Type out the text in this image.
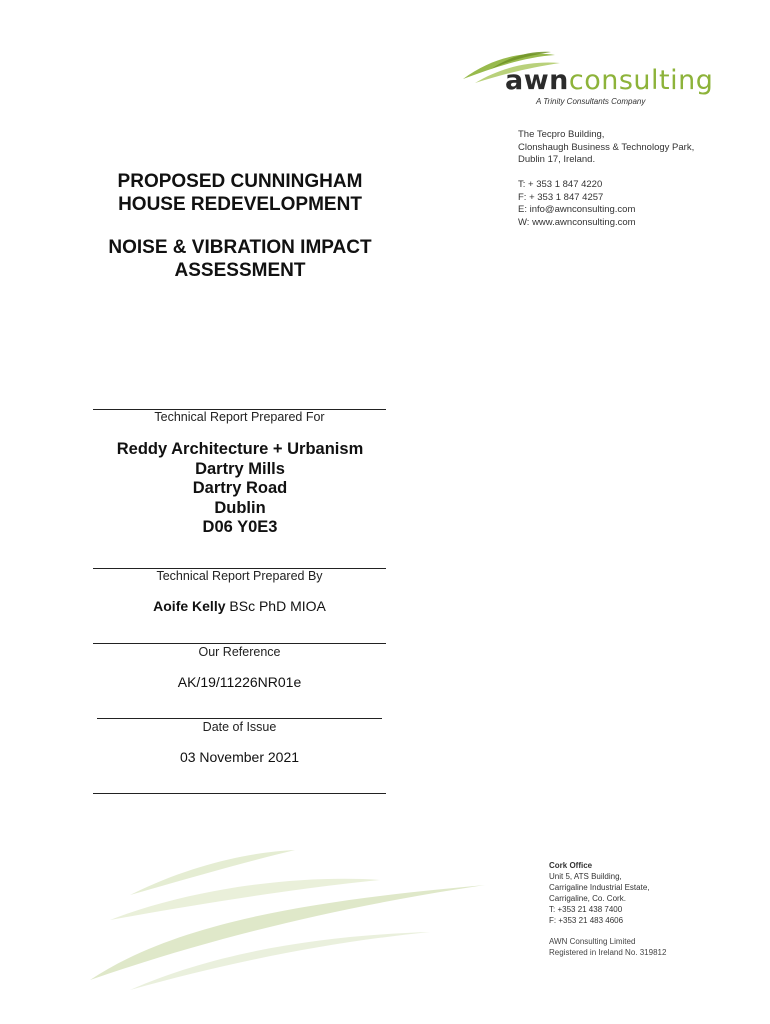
awnconsulting
A Trinity Consultants Company
The Tecpro Building,
Clonshaugh Business & Technology Park,
Dublin 17, Ireland.
T: + 353 1 847 4220
F: + 353 1 847 4257
E: info@awnconsulting.com
W: www.awnconsulting.com
PROPOSED CUNNINGHAM
HOUSE REDEVELOPMENT
NOISE & VIBRATION IMPACT
ASSESSMENT
Technical Report Prepared For
Reddy Architecture + Urbanism
Dartry Mills
Dartry Road
Dublin
D06 Y0E3
Technical Report Prepared By
Aoife Kelly BSc PhD MIOA
Our Reference
AK/19/11226NR01e
Date of Issue
03 November 2021
Cork Office
Unit 5, ATS Building,
Carrigaline Industrial Estate,
Carrigaline, Co. Cork.
T: +353 21 438 7400
F: +353 21 483 4606
AWN Consulting Limited
Registered in Ireland No. 319812
